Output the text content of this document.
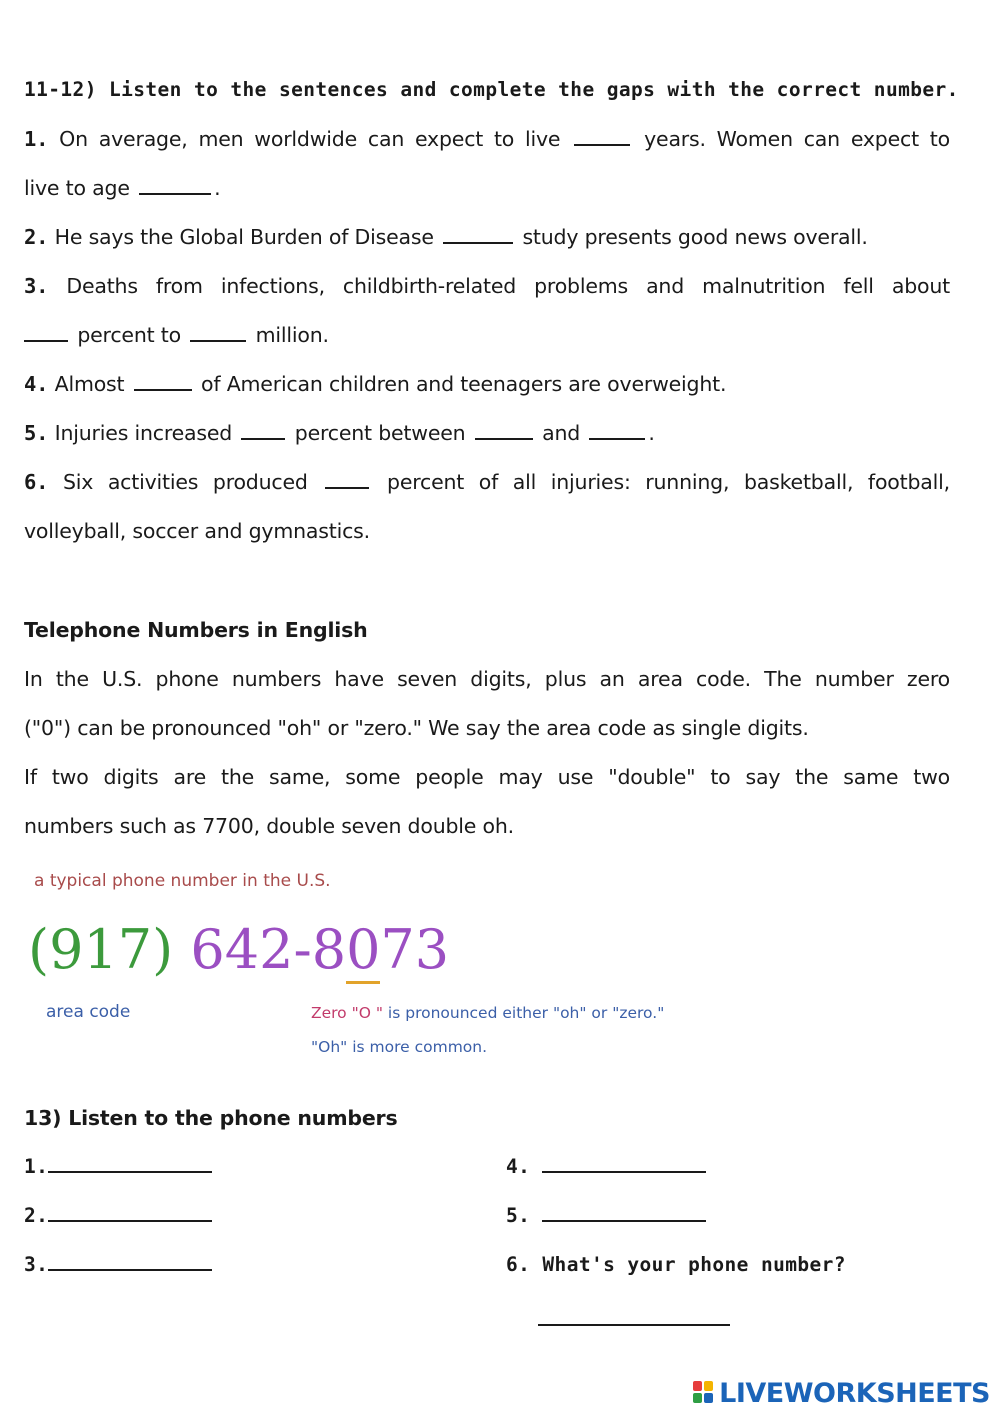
11-12) Listen to the sentences and complete the gaps with the correct number.
1. On average, men worldwide can expect to live	years. Women can expect to
live to age	.
2. He says the Global Burden of Disease	study presents good news overall.
3. Deaths from infections, childbirth-related problems and malnutrition fell about
percent to	million.
4. Almost	of American children and teenagers are overweight.
5. Injuries increased	percent between	and	.
6. Six activities produced	percent of all injuries: running, basketball, football,
volleyball, soccer and gymnastics.
Telephone Numbers in English
In the U.S. phone numbers have seven digits, plus an area code. The number zero
("0") can be pronounced "oh" or "zero." We say the area code as single digits.
If two digits are the same, some people may use "double" to say the same two
numbers such as 7700, double seven double oh.
a typical phone number in the U.S.
(917) 642-8073
area code	Zero "O " is pronounced either "oh" or "zero."
"Oh" is more common.
13) Listen to the phone numbers
1.
2.
3.
4.
5.
6. What's your phone number?
LIVEWORKSHEETS
